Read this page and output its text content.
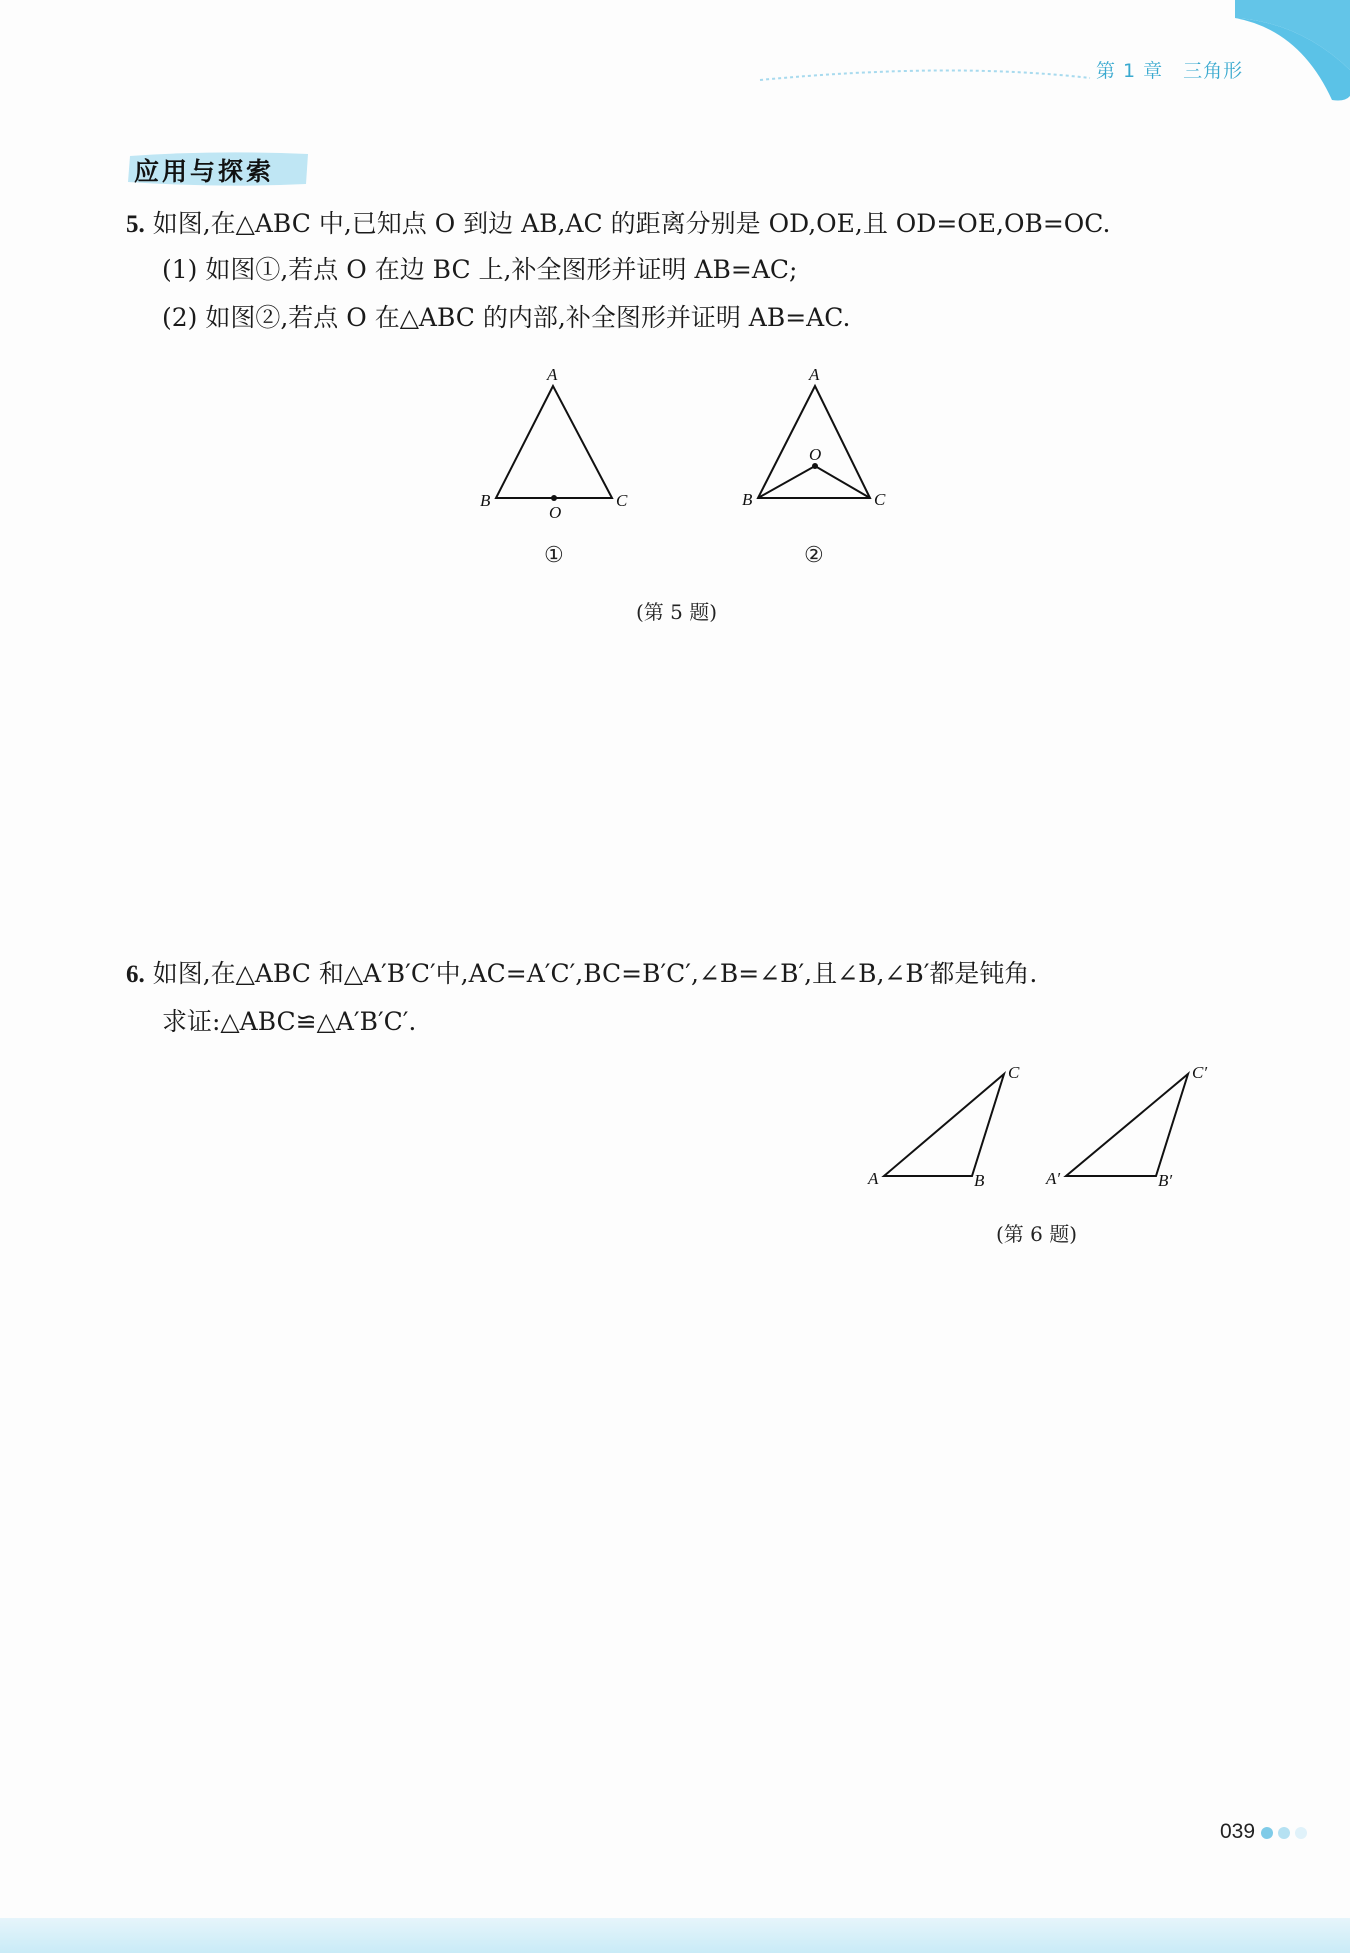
第 1 章　三角形
应用与探索
5. 如图,在△ABC 中,已知点 O 到边 AB,AC 的距离分别是 OD,OE,且 OD=OE,OB=OC.
(1) 如图①,若点 O 在边 BC 上,补全图形并证明 AB=AC;
(2) 如图②,若点 O 在△ABC 的内部,补全图形并证明 AB=AC.
A
B	C
O
①
A
B	C
O
②
(第 5 题)
6. 如图,在△ABC 和△A′B′C′中,AC=A′C′,BC=B′C′,∠B=∠B′,且∠B,∠B′都是钝角.
求证:△ABC≌△A′B′C′.
A	B
C
A′	B′
C′
(第 6 题)
039
